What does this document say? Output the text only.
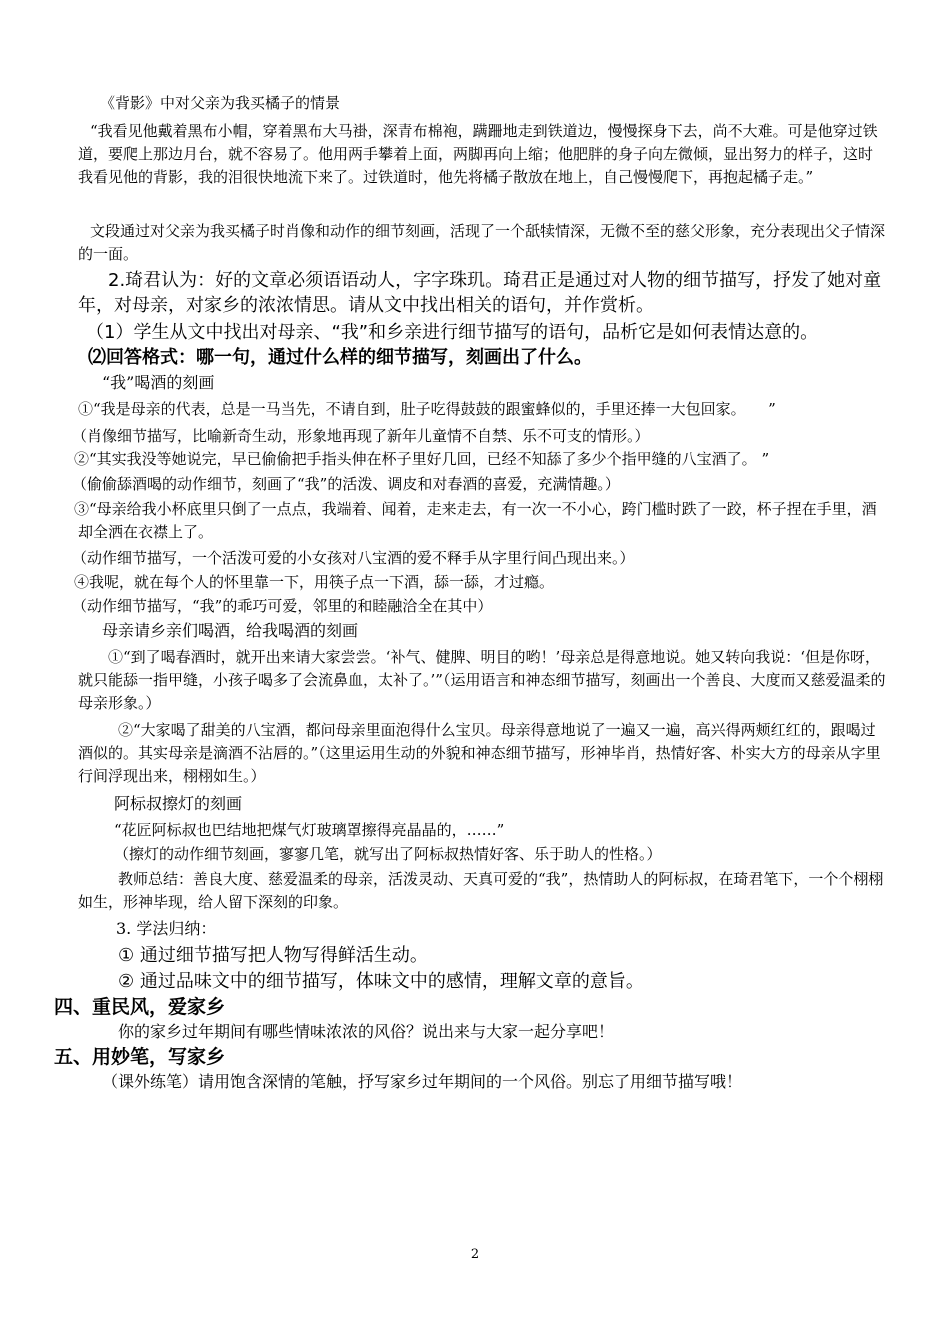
《背影》中对父亲为我买橘子的情景

“我看见他戴着黑布小帽，穿着黑布大马褂，深青布棉袍，蹒跚地走到铁道边，慢慢探身下去，尚不大难。可是他穿过铁道，要爬上那边月台，就不容易了。他用两手攀着上面，两脚再向上缩；他肥胖的身子向左微倾，显出努力的样子，这时我看见他的背影，我的泪很快地流下来了。过铁道时，他先将橘子散放在地上，自己慢慢爬下，再抱起橘子走。”

文段通过对父亲为我买橘子时肖像和动作的细节刻画，活现了一个舐犊情深，无微不至的慈父形象，充分表现出父子情深的一面。

2.琦君认为：好的文章必须语语动人，字字珠玑。琦君正是通过对人物的细节描写，抒发了她对童年，对母亲，对家乡的浓浓情思。请从文中找出相关的语句，并作赏析。

（1）学生从文中找出对母亲、“我”和乡亲进行细节描写的语句，品析它是如何表情达意的。

⑵回答格式：哪一句，通过什么样的细节描写，刻画出了什么。

“我”喝酒的刻画

①“我是母亲的代表，总是一马当先，不请自到，肚子吃得鼓鼓的跟蜜蜂似的，手里还捧一大包回家。　　”

（肖像细节描写，比喻新奇生动，形象地再现了新年儿童情不自禁、乐不可支的情形。）

②“其实我没等她说完，早已偷偷把手指头伸在杯子里好几回，已经不知舔了多少个指甲缝的八宝酒了。 ”

（偷偷舔酒喝的动作细节，刻画了“我”的活泼、调皮和对春酒的喜爱，充满情趣。）

③“母亲给我小杯底里只倒了一点点，我端着、闻着，走来走去，有一次一不小心，跨门槛时跌了一跤，杯子捏在手里，酒却全洒在衣襟上了。

（动作细节描写，一个活泼可爱的小女孩对八宝酒的爱不释手从字里行间凸现出来。）

④我呢，就在每个人的怀里靠一下，用筷子点一下酒，舔一舔，才过瘾。

（动作细节描写，“我”的乖巧可爱，邻里的和睦融洽全在其中）

母亲请乡亲们喝酒，给我喝酒的刻画

①“到了喝春酒时，就开出来请大家尝尝。‘补气、健脾、明目的哟！’母亲总是得意地说。她又转向我说：‘但是你呀，就只能舔一指甲缝，小孩子喝多了会流鼻血，太补了。’”（运用语言和神态细节描写，刻画出一个善良、大度而又慈爱温柔的母亲形象。）

②“大家喝了甜美的八宝酒，都问母亲里面泡得什么宝贝。母亲得意地说了一遍又一遍，高兴得两颊红红的，跟喝过酒似的。其实母亲是滴酒不沾唇的。”（这里运用生动的外貌和神态细节描写，形神毕肖，热情好客、朴实大方的母亲从字里行间浮现出来，栩栩如生。）

阿标叔擦灯的刻画

“花匠阿标叔也巴结地把煤气灯玻璃罩擦得亮晶晶的，……”

（擦灯的动作细节刻画，寥寥几笔，就写出了阿标叔热情好客、乐于助人的性格。）

教师总结：善良大度、慈爱温柔的母亲，活泼灵动、天真可爱的“我”，热情助人的阿标叔，在琦君笔下，一个个栩栩如生，形神毕现，给人留下深刻的印象。

3. 学法归纳：

① 通过细节描写把人物写得鲜活生动。

② 通过品味文中的细节描写，体味文中的感情，理解文章的意旨。

四、重民风，爱家乡

你的家乡过年期间有哪些情味浓浓的风俗？说出来与大家一起分享吧！

五、用妙笔，写家乡

（课外练笔）请用饱含深情的笔触，抒写家乡过年期间的一个风俗。别忘了用细节描写哦！

2
